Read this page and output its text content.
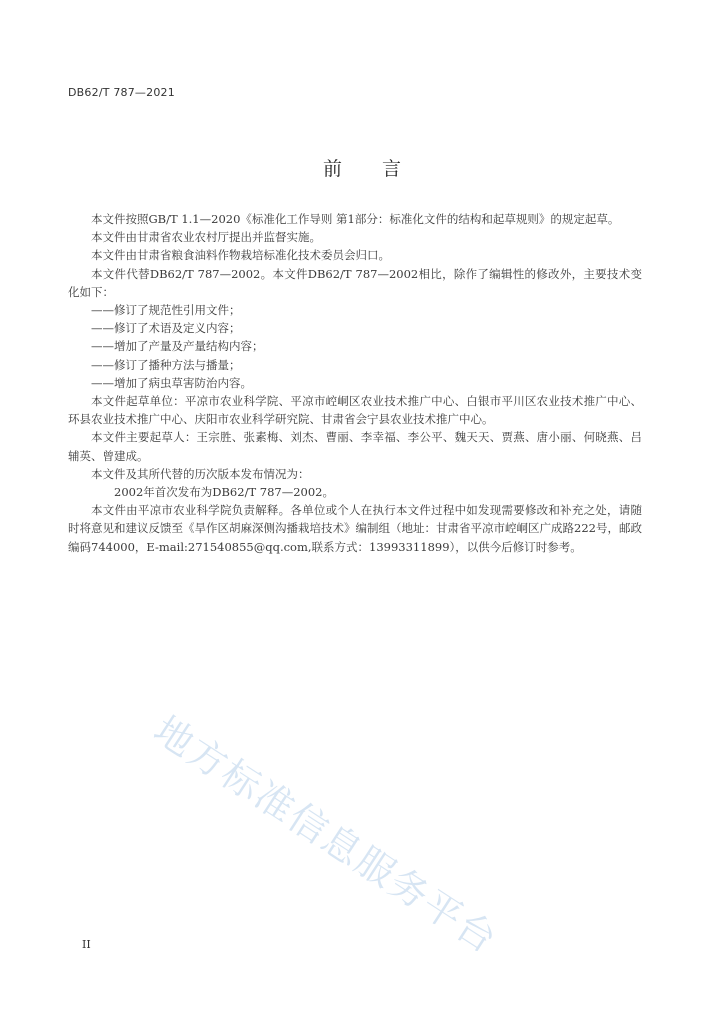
DB62/T 787—2021
前言

本文件按照GB/T 1.1—2020《标准化工作导则 第1部分：标准化文件的结构和起草规则》的规定起草。

本文件由甘肃省农业农村厅提出并监督实施。

本文件由甘肃省粮食油料作物栽培标准化技术委员会归口。

本文件代替DB62/T 787—2002。本文件DB62/T 787—2002相比，除作了编辑性的修改外，主要技术变化如下：

——修订了规范性引用文件；

——修订了术语及定义内容；

——增加了产量及产量结构内容；

——修订了播种方法与播量；

——增加了病虫草害防治内容。

本文件起草单位：平凉市农业科学院、平凉市崆峒区农业技术推广中心、白银市平川区农业技术推广中心、环县农业技术推广中心、庆阳市农业科学研究院、甘肃省会宁县农业技术推广中心。

本文件主要起草人：王宗胜、张素梅、刘杰、曹丽、李幸福、李公平、魏天天、贾燕、唐小丽、何晓燕、吕辅英、曾建成。

本文件及其所代替的历次版本发布情况为：

2002年首次发布为DB62/T 787—2002。

本文件由平凉市农业科学院负责解释。各单位或个人在执行本文件过程中如发现需要修改和补充之处，请随时将意见和建议反馈至《旱作区胡麻深侧沟播栽培技术》编制组（地址：甘肃省平凉市崆峒区广成路222号，邮政编码744000，E-mail:271540855@qq.com,联系方式：13993311899），以供今后修订时参考。

地方标准信息服务平台
II
